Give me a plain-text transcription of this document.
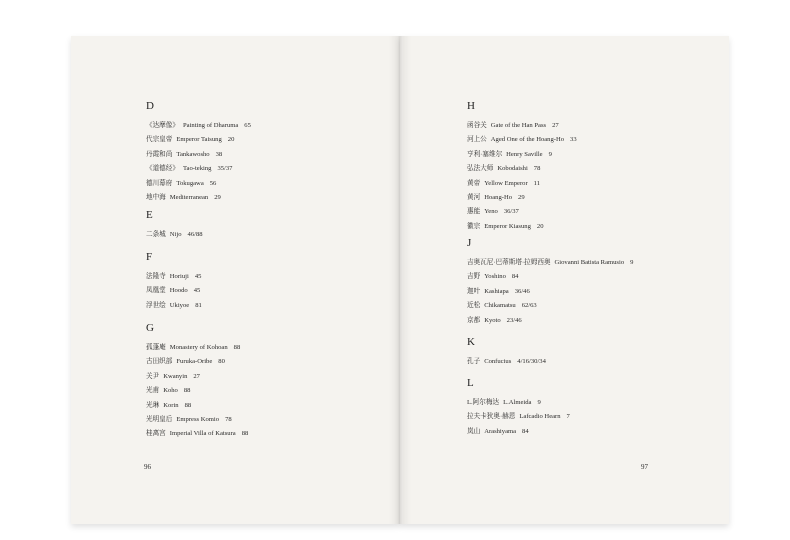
D
《达摩像》 Painting of Dharuma 65
代宗皇帝 Emperor Taisung 20
丹霞和尚 Tankawosho 38
《道德经》 Tao-teking 35/37
德川幕府 Tokugawa 56
地中海 Mediterranean 29
E
二条城 Nijo 46/88
F
法隆寺 Horiuji 45
凤凰堂 Hoodo 45
浮世绘 Ukiyoe 81
G
孤蓬庵 Monastery of Kohoan 88
古田织部 Furuka-Oribe 80
关尹 Kwanyin 27
光甫 Koho 88
光琳 Korin 88
光明皇后 Empress Komio 78
桂离宫 Imperial Villa of Katsura 88
96
H
函谷关 Gate of the Han Pass 27
河上公 Aged One of the Hoang-Ho 33
亨利·塞维尔 Henry Saville 9
弘法大师 Kobodaishi 78
黄帝 Yellow Emperor 11
黄河 Hoang-Ho 29
惠能 Yeno 36/37
徽宗 Emperor Kiasung 20
J
吉奥瓦尼·巴蒂斯塔·拉姆西奥 Giovanni Batista Ramusio 9
吉野 Yoshino 84
迦叶 Kashiapa 36/46
近松 Chikamatsu 62/63
京都 Kyoto 23/46
K
孔子 Confucius 4/16/30/34
L
L.阿尔梅达 L.Almeida 9
拉夫卡狄奥·赫恩 Lafcadio Hearn 7
岚山 Arashiyama 84
97
